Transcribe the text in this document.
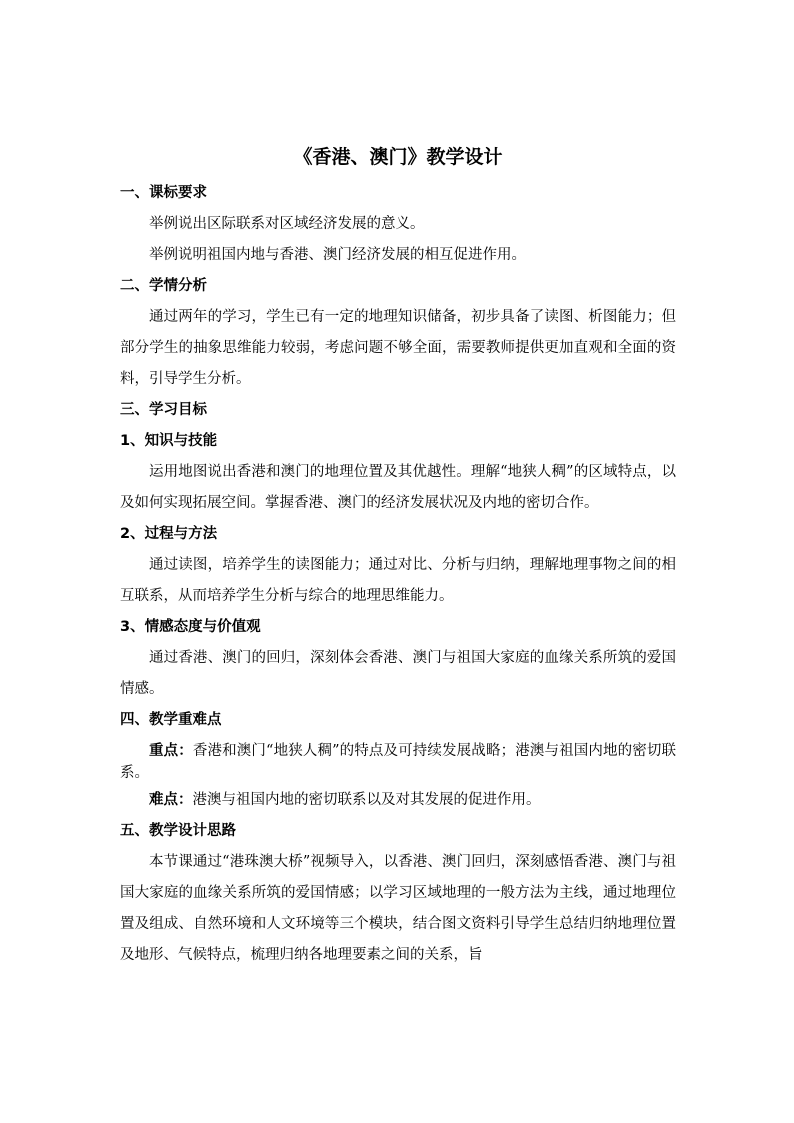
《香港、澳门》教学设计
一、课标要求
举例说出区际联系对区域经济发展的意义。
举例说明祖国内地与香港、澳门经济发展的相互促进作用。
二、学情分析
通过两年的学习，学生已有一定的地理知识储备，初步具备了读图、析图能力；但部分学生的抽象思维能力较弱，考虑问题不够全面，需要教师提供更加直观和全面的资料，引导学生分析。
三、学习目标
1、知识与技能
运用地图说出香港和澳门的地理位置及其优越性。理解“地狭人稠”的区域特点，以及如何实现拓展空间。掌握香港、澳门的经济发展状况及内地的密切合作。
2、过程与方法
通过读图，培养学生的读图能力；通过对比、分析与归纳，理解地理事物之间的相互联系，从而培养学生分析与综合的地理思维能力。
3、情感态度与价值观
通过香港、澳门的回归，深刻体会香港、澳门与祖国大家庭的血缘关系所筑的爱国情感。
四、教学重难点
重点：香港和澳门“地狭人稠”的特点及可持续发展战略；港澳与祖国内地的密切联系。
难点：港澳与祖国内地的密切联系以及对其发展的促进作用。
五、教学设计思路
本节课通过“港珠澳大桥”视频导入，以香港、澳门回归，深刻感悟香港、澳门与祖国大家庭的血缘关系所筑的爱国情感；以学习区域地理的一般方法为主线，通过地理位置及组成、自然环境和人文环境等三个模块，结合图文资料引导学生总结归纳地理位置及地形、气候特点，梳理归纳各地理要素之间的关系，旨
